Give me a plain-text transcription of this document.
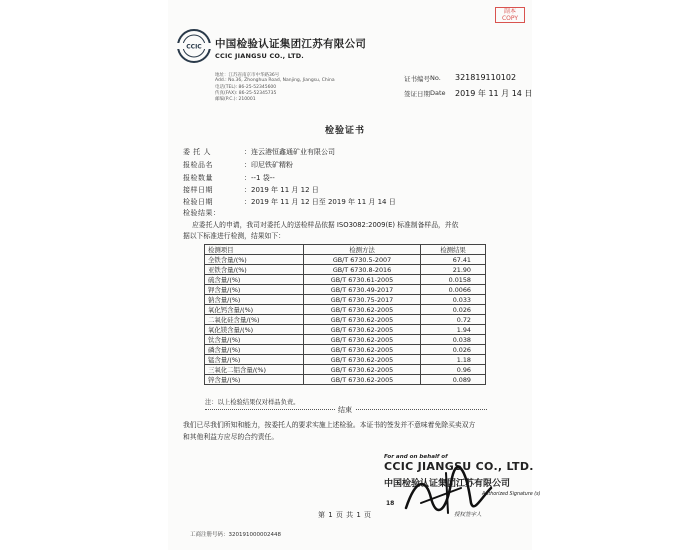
副本
COPY
CCIC 中国检验认证集团江苏有限公司
CCIC JIANGSU CO., LTD.
地址：江苏省南京市中华路36号
Add.: No.36, Zhonghua Road, Nanjing, Jiangsu, China
电话(TEL): 86-25-52345600
传真(FAX): 86-25-52345735
邮编(P.C.): 210001
证书编号 No. 321819110102
签证日期 Date 2019 年 11 月 14 日
检验证书
委 托 人	：连云港恒鑫通矿业有限公司
报检品名	：印尼铁矿精粉
报检数量	：--1 袋--
接样日期	：2019 年 11 月 12 日
检验日期	：2019 年 11 月 12 日至 2019 年 11 月 14 日
检验结果：
应委托人的申请，我司对委托人的送检样品依据 ISO3082:2009(E) 标准制备样品，并依
据以下标准进行检测，结果如下：
检测项目	检测方法	检测结果
全铁含量/(%)	GB/T 6730.5-2007	67.41
亚铁含量/(%)	GB/T 6730.8-2016	21.90
硫含量/(%)	GB/T 6730.61-2005	0.0158
钾含量/(%)	GB/T 6730.49-2017	0.0066
钠含量/(%)	GB/T 6730.75-2017	0.033
氧化钙含量/(%)	GB/T 6730.62-2005	0.026
二氧化硅含量/(%)	GB/T 6730.62-2005	0.72
氧化镁含量/(%)	GB/T 6730.62-2005	1.94
钛含量/(%)	GB/T 6730.62-2005	0.038
磷含量/(%)	GB/T 6730.62-2005	0.026
锰含量/(%)	GB/T 6730.62-2005	1.18
三氧化二铝含量/(%)	GB/T 6730.62-2005	0.96
锌含量/(%)	GB/T 6730.62-2005	0.089
注：以上检验结果仅对样品负责。
结束
我们已尽我们所知和能力，按委托人的要求实施上述检验。本证书的签发并不意味着免除买卖双方
和其他利益方应尽的合约责任。
For and on behalf of
CCIC JIANGSU CO., LTD.
中国检验认证集团江苏有限公司
18
Authorized Signature (s)
授权签字人
第 1 页 共 1 页
工商注册号码：320191000002448
